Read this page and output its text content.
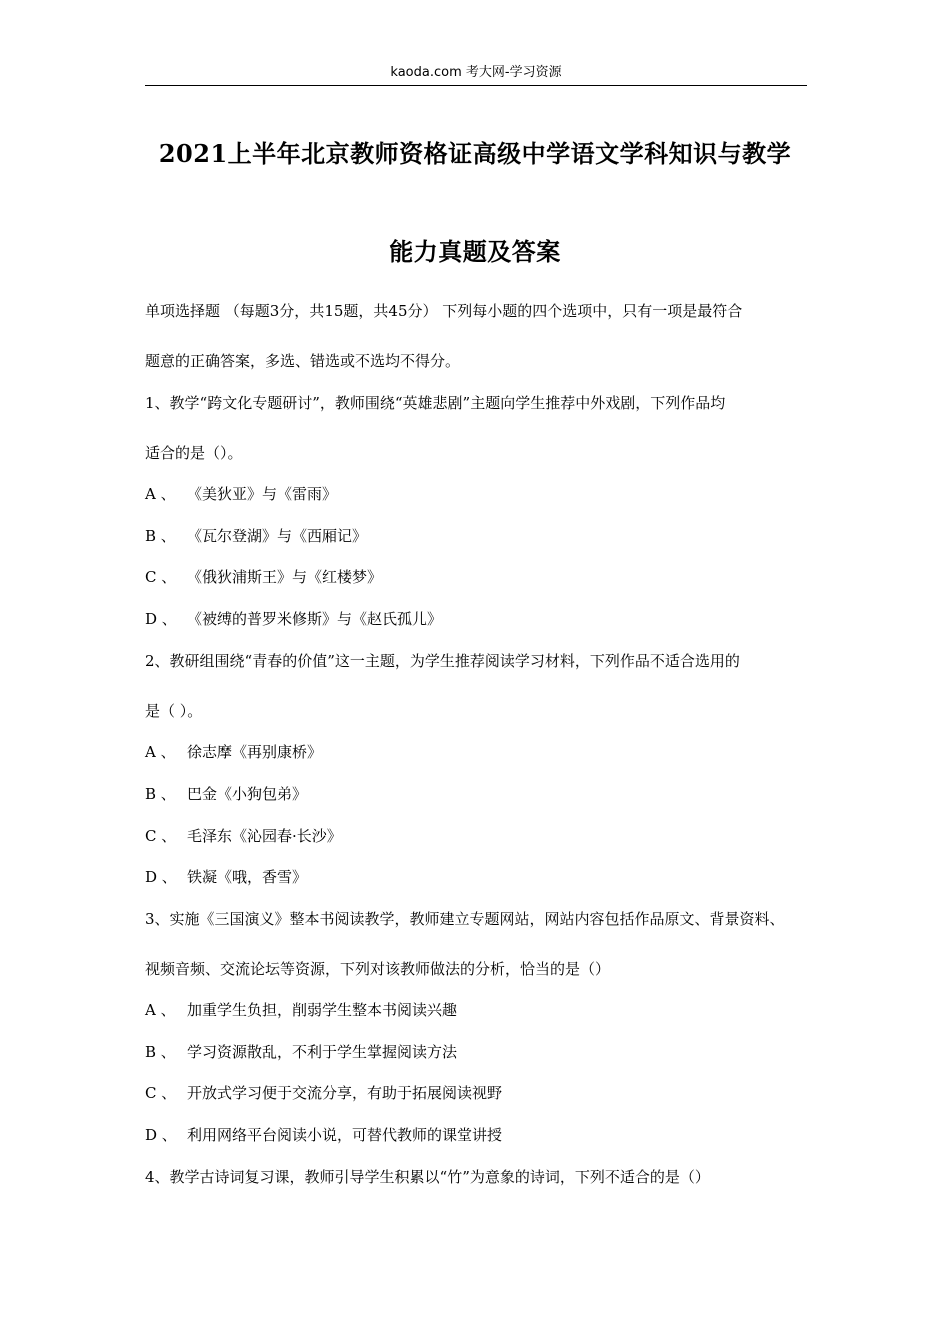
kaoda.com 考大网-学习资源
2021上半年北京教师资格证高级中学语文学科知识与教学
能力真题及答案
单项选择题 （每题3分，共15题，共45分） 下列每小题的四个选项中，只有一项是最符合
题意的正确答案，多选、错选或不选均不得分。
1、教学“跨文化专题研讨”，教师围绕“英雄悲剧”主题向学生推荐中外戏剧，下列作品均
适合的是（）。
A 、 《美狄亚》与《雷雨》
B 、 《瓦尔登湖》与《西厢记》
C 、 《俄狄浦斯王》与《红楼梦》
D 、 《被缚的普罗米修斯》与《赵氏孤儿》
2、教研组围绕“青春的价值”这一主题，为学生推荐阅读学习材料，下列作品不适合选用的
是（ ）。
A 、 徐志摩《再别康桥》
B 、 巴金《小狗包弟》
C 、 毛泽东《沁园春·长沙》
D 、 铁凝《哦，香雪》
3、实施《三国演义》整本书阅读教学，教师建立专题网站，网站内容包括作品原文、背景资料、
视频音频、交流论坛等资源，下列对该教师做法的分析，恰当的是（）
A 、 加重学生负担，削弱学生整本书阅读兴趣
B 、 学习资源散乱，不利于学生掌握阅读方法
C 、 开放式学习便于交流分享，有助于拓展阅读视野
D 、 利用网络平台阅读小说，可替代教师的课堂讲授
4、教学古诗词复习课，教师引导学生积累以“竹”为意象的诗词，下列不适合的是（）
